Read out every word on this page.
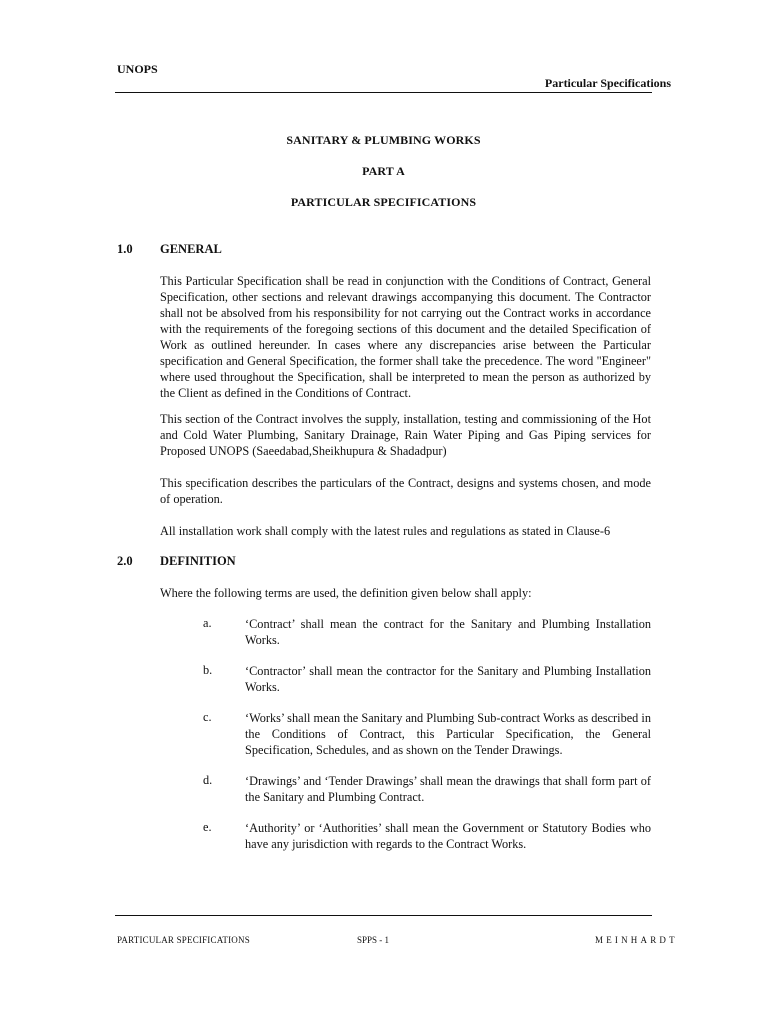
UNOPS
Particular Specifications
SANITARY & PLUMBING WORKS
PART A
PARTICULAR SPECIFICATIONS
1.0 GENERAL
This Particular Specification shall be read in conjunction with the Conditions of Contract, General Specification, other sections and relevant drawings accompanying this document. The Contractor shall not be absolved from his responsibility for not carrying out the Contract works in accordance with the requirements of the foregoing sections of this document and the detailed Specification of Work as outlined hereunder. In cases where any discrepancies arise between the Particular specification and General Specification, the former shall take the precedence. The word "Engineer" where used throughout the Specification, shall be interpreted to mean the person as authorized by the Client as defined in the Conditions of Contract.
This section of the Contract involves the supply, installation, testing and commissioning of the Hot and Cold Water Plumbing, Sanitary Drainage, Rain Water Piping and Gas Piping services for Proposed UNOPS (Saeedabad,Sheikhupura & Shadadpur)
This specification describes the particulars of the Contract, designs and systems chosen, and mode of operation.
All installation work shall comply with the latest rules and regulations as stated in Clause-6
2.0 DEFINITION
Where the following terms are used, the definition given below shall apply:
a.	‘Contract’ shall mean the contract for the Sanitary and Plumbing Installation Works.
b.	‘Contractor’ shall mean the contractor for the Sanitary and Plumbing Installation Works.
c.	‘Works’ shall mean the Sanitary and Plumbing Sub-contract Works as described in the Conditions of Contract, this Particular Specification, the General Specification, Schedules, and as shown on the Tender Drawings.
d.	‘Drawings’ and ‘Tender Drawings’ shall mean the drawings that shall form part of the Sanitary and Plumbing Contract.
e.	‘Authority’ or ‘Authorities’ shall mean the Government or Statutory Bodies who have any jurisdiction with regards to the Contract Works.
PARTICULAR SPECIFICATIONS	SPPS - 1	MEINHARDT
